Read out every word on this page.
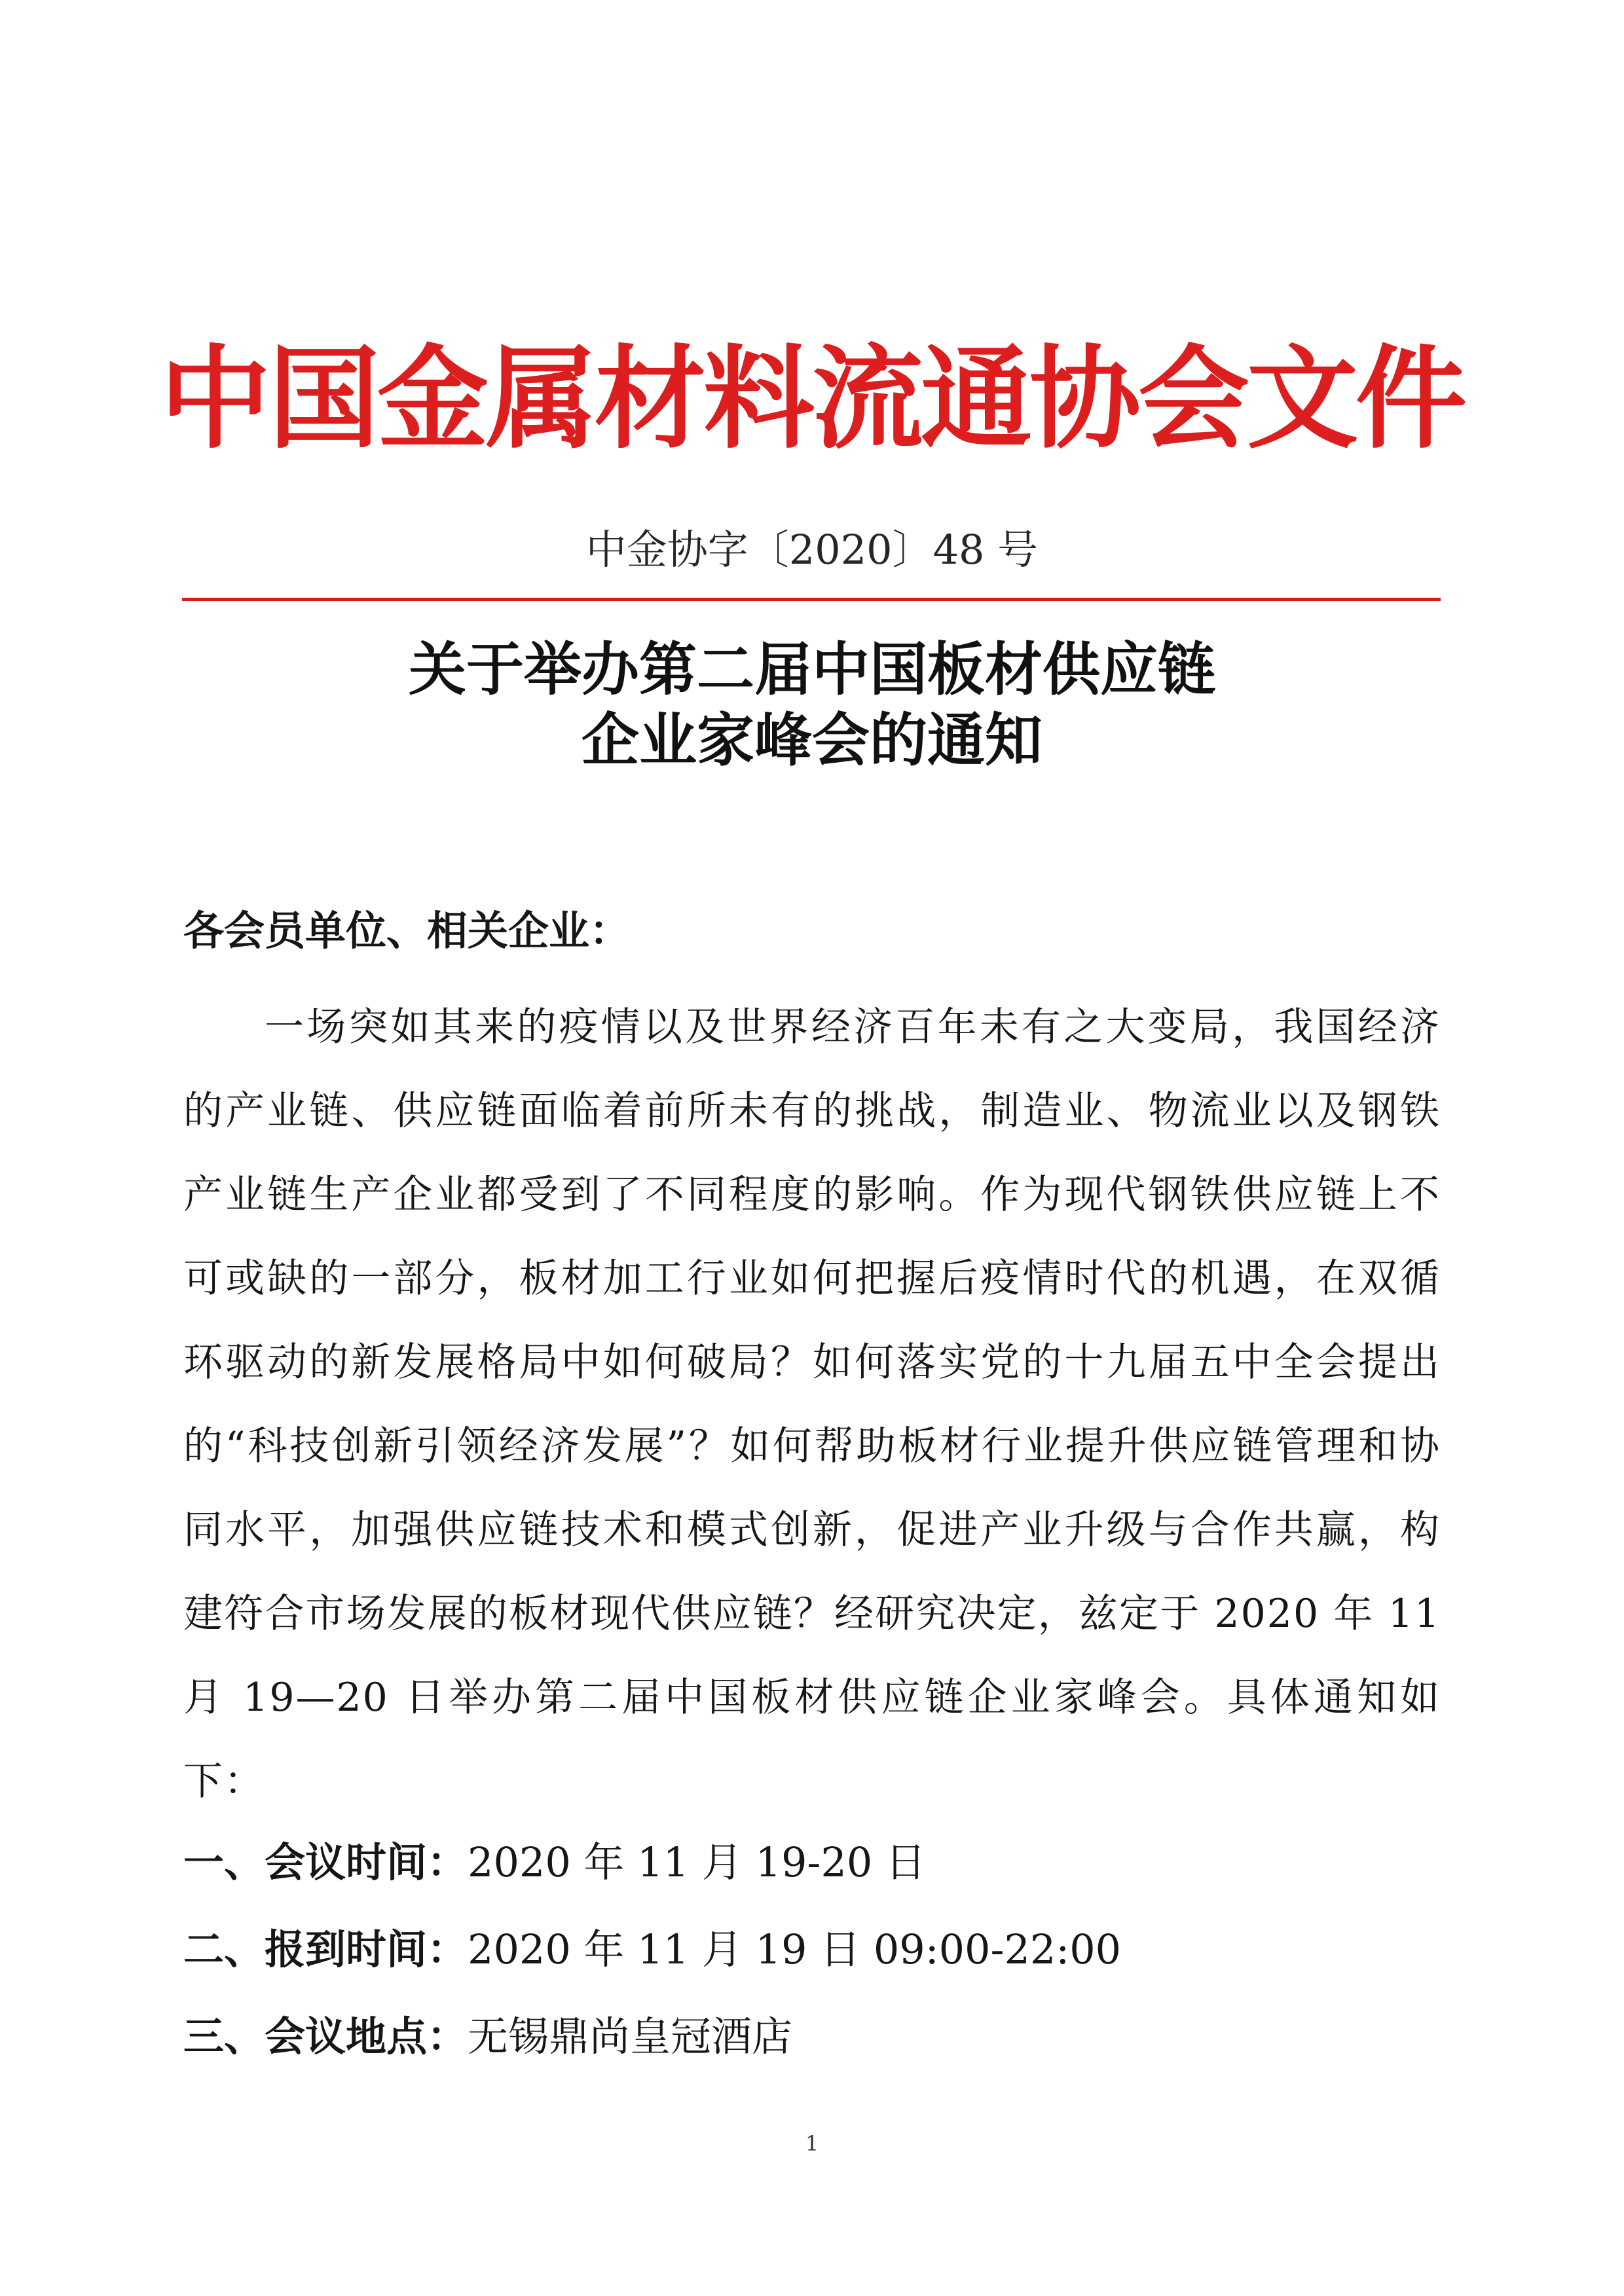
中国金属材料流通协会文件
中金协字〔2020〕48 号
关于举办第二届中国板材供应链
企业家峰会的通知
各会员单位、相关企业：
一场突如其来的疫情以及世界经济百年未有之大变局，我国经济的产业链、供应链面临着前所未有的挑战，制造业、物流业以及钢铁产业链生产企业都受到了不同程度的影响。作为现代钢铁供应链上不可或缺的一部分，板材加工行业如何把握后疫情时代的机遇，在双循环驱动的新发展格局中如何破局？如何落实党的十九届五中全会提出的“科技创新引领经济发展”？如何帮助板材行业提升供应链管理和协同水平，加强供应链技术和模式创新，促进产业升级与合作共赢，构建符合市场发展的板材现代供应链？经研究决定，兹定于 2020 年 11 月 19—20 日举办第二届中国板材供应链企业家峰会。具体通知如下：
一、会议时间：2020 年 11 月 19-20 日
二、报到时间：2020 年 11 月 19 日 09:00-22:00
三、会议地点：无锡鼎尚皇冠酒店
1
